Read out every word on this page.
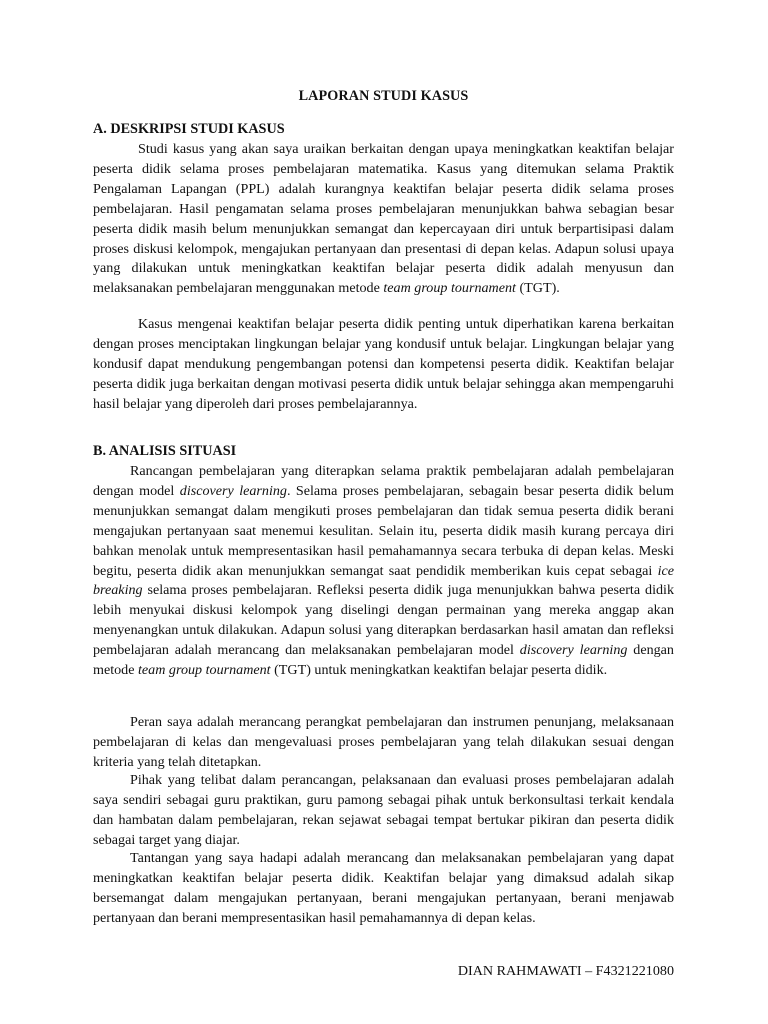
LAPORAN STUDI KASUS
A. DESKRIPSI STUDI KASUS

Studi kasus yang akan saya uraikan berkaitan dengan upaya meningkatkan keaktifan belajar peserta didik selama proses pembelajaran matematika. Kasus yang ditemukan selama Praktik Pengalaman Lapangan (PPL) adalah kurangnya keaktifan belajar peserta didik selama proses pembelajaran. Hasil pengamatan selama proses pembelajaran menunjukkan bahwa sebagian besar peserta didik masih belum menunjukkan semangat dan kepercayaan diri untuk berpartisipasi dalam proses diskusi kelompok, mengajukan pertanyaan dan presentasi di depan kelas. Adapun solusi upaya yang dilakukan untuk meningkatkan keaktifan belajar peserta didik adalah menyusun dan melaksanakan pembelajaran menggunakan metode team group tournament (TGT).

Kasus mengenai keaktifan belajar peserta didik penting untuk diperhatikan karena berkaitan dengan proses menciptakan lingkungan belajar yang kondusif untuk belajar. Lingkungan belajar yang kondusif dapat mendukung pengembangan potensi dan kompetensi peserta didik. Keaktifan belajar peserta didik juga berkaitan dengan motivasi peserta didik untuk belajar sehingga akan mempengaruhi hasil belajar yang diperoleh dari proses pembelajarannya.

B. ANALISIS SITUASI

Rancangan pembelajaran yang diterapkan selama praktik pembelajaran adalah pembelajaran dengan model discovery learning. Selama proses pembelajaran, sebagain besar peserta didik belum menunjukkan semangat dalam mengikuti proses pembelajaran dan tidak semua peserta didik berani mengajukan pertanyaan saat menemui kesulitan. Selain itu, peserta didik masih kurang percaya diri bahkan menolak untuk mempresentasikan hasil pemahamannya secara terbuka di depan kelas. Meski begitu, peserta didik akan menunjukkan semangat saat pendidik memberikan kuis cepat sebagai ice breaking selama proses pembelajaran. Refleksi peserta didik juga menunjukkan bahwa peserta didik lebih menyukai diskusi kelompok yang diselingi dengan permainan yang mereka anggap akan menyenangkan untuk dilakukan. Adapun solusi yang diterapkan berdasarkan hasil amatan dan refleksi pembelajaran adalah merancang dan melaksanakan pembelajaran model discovery learning dengan metode team group tournament (TGT) untuk meningkatkan keaktifan belajar peserta didik.

Peran saya adalah merancang perangkat pembelajaran dan instrumen penunjang, melaksanaan pembelajaran di kelas dan mengevaluasi proses pembelajaran yang telah dilakukan sesuai dengan kriteria yang telah ditetapkan.

Pihak yang telibat dalam perancangan, pelaksanaan dan evaluasi proses pembelajaran adalah saya sendiri sebagai guru praktikan, guru pamong sebagai pihak untuk berkonsultasi terkait kendala dan hambatan dalam pembelajaran, rekan sejawat sebagai tempat bertukar pikiran dan peserta didik sebagai target yang diajar.

Tantangan yang saya hadapi adalah merancang dan melaksanakan pembelajaran yang dapat meningkatkan keaktifan belajar peserta didik. Keaktifan belajar yang dimaksud adalah sikap bersemangat dalam mengajukan pertanyaan, berani mengajukan pertanyaan, berani menjawab pertanyaan dan berani mempresentasikan hasil pemahamannya di depan kelas.

DIAN RAHMAWATI – F4321221080
